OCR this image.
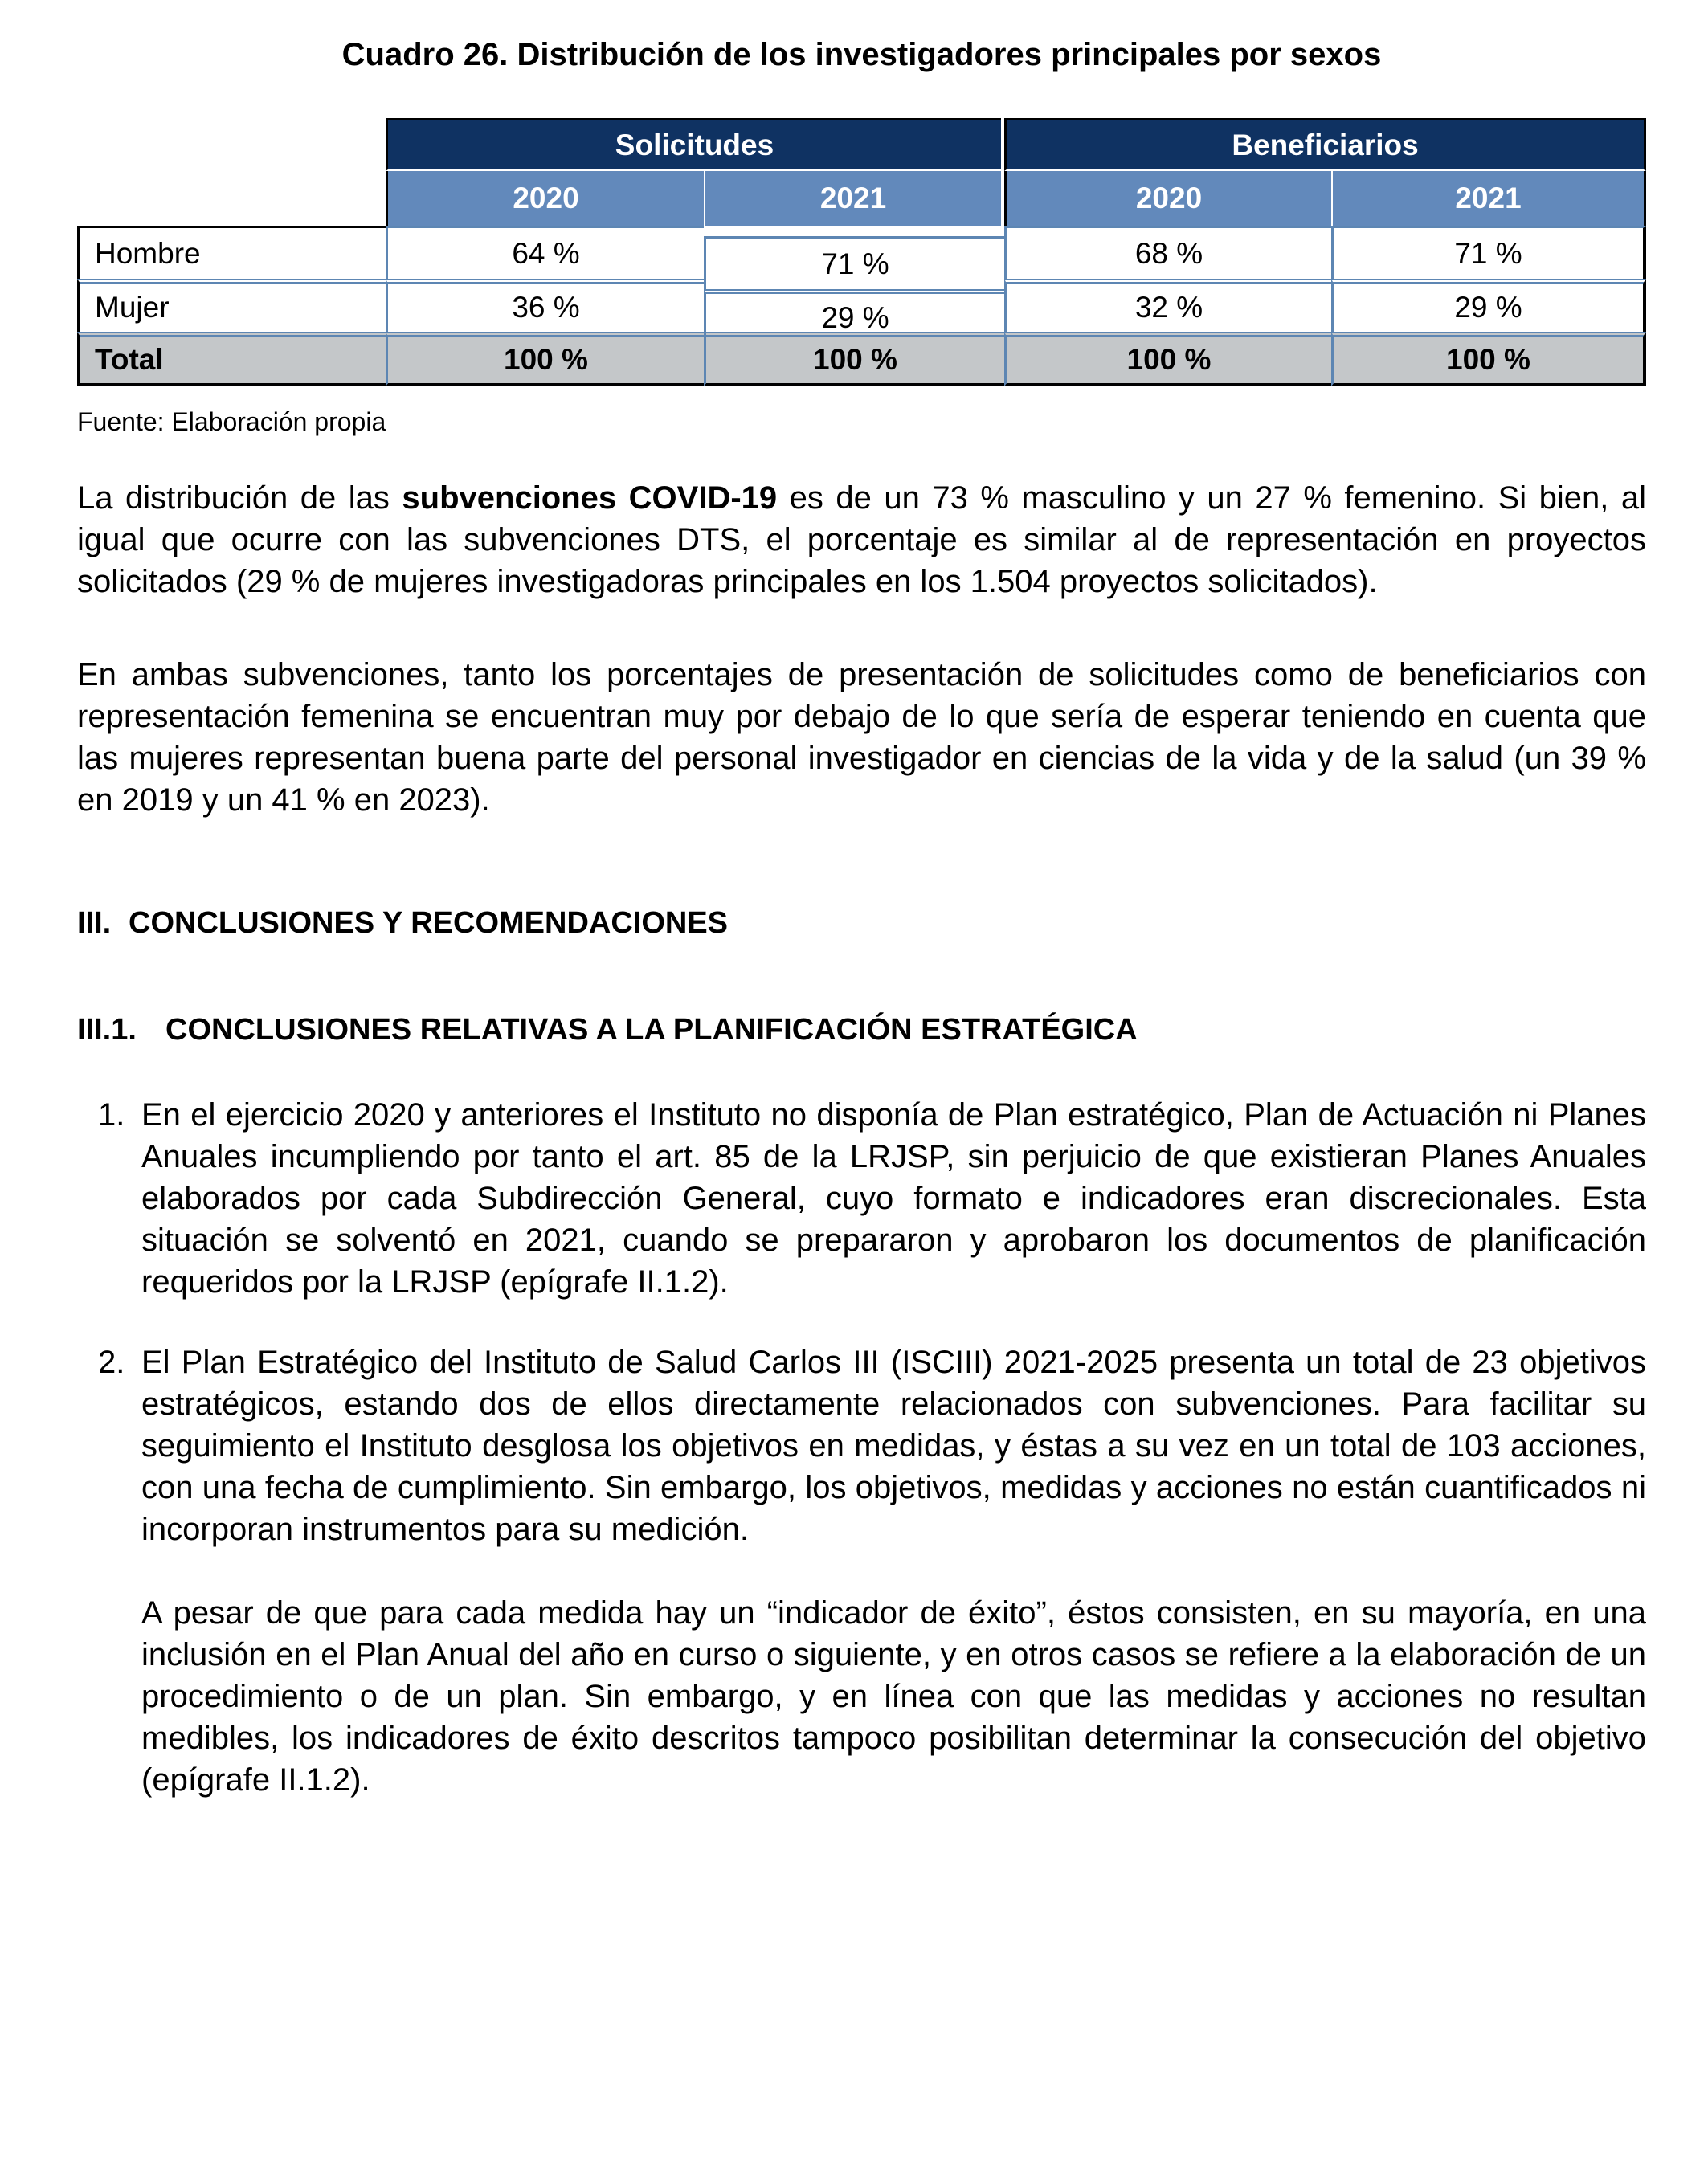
Cuadro 26. Distribución de los investigadores principales por sexos
Solicitudes	Beneficiarios
2020	2021	2020	2021
Hombre	64 %	71 %	68 %	71 %
Mujer	36 %	29 %	32 %	29 %
Total	100 %	100 %	100 %	100 %
Fuente: Elaboración propia

La distribución de las subvenciones COVID-19 es de un 73 % masculino y un 27 % femenino. Si bien, al igual que ocurre con las subvenciones DTS, el porcentaje es similar al de representación en proyectos solicitados (29 % de mujeres investigadoras principales en los 1.504 proyectos solicitados).

En ambas subvenciones, tanto los porcentajes de presentación de solicitudes como de beneficiarios con representación femenina se encuentran muy por debajo de lo que sería de esperar teniendo en cuenta que las mujeres representan buena parte del personal investigador en ciencias de la vida y de la salud (un 39 % en 2019 y un 41 % en 2023).

III. CONCLUSIONES Y RECOMENDACIONES
III.1. CONCLUSIONES RELATIVAS A LA PLANIFICACIÓN ESTRATÉGICA
1. En el ejercicio 2020 y anteriores el Instituto no disponía de Plan estratégico, Plan de Actuación ni Planes Anuales incumpliendo por tanto el art. 85 de la LRJSP, sin perjuicio de que existieran Planes Anuales elaborados por cada Subdirección General, cuyo formato e indicadores eran discrecionales. Esta situación se solventó en 2021, cuando se prepararon y aprobaron los documentos de planificación requeridos por la LRJSP (epígrafe II.1.2).

2. El Plan Estratégico del Instituto de Salud Carlos III (ISCIII) 2021-2025 presenta un total de 23 objetivos estratégicos, estando dos de ellos directamente relacionados con subvenciones. Para facilitar su seguimiento el Instituto desglosa los objetivos en medidas, y éstas a su vez en un total de 103 acciones, con una fecha de cumplimiento. Sin embargo, los objetivos, medidas y acciones no están cuantificados ni incorporan instrumentos para su medición.

A pesar de que para cada medida hay un “indicador de éxito”, éstos consisten, en su mayoría, en una inclusión en el Plan Anual del año en curso o siguiente, y en otros casos se refiere a la elaboración de un procedimiento o de un plan. Sin embargo, y en línea con que las medidas y acciones no resultan medibles, los indicadores de éxito descritos tampoco posibilitan determinar la consecución del objetivo (epígrafe II.1.2).
